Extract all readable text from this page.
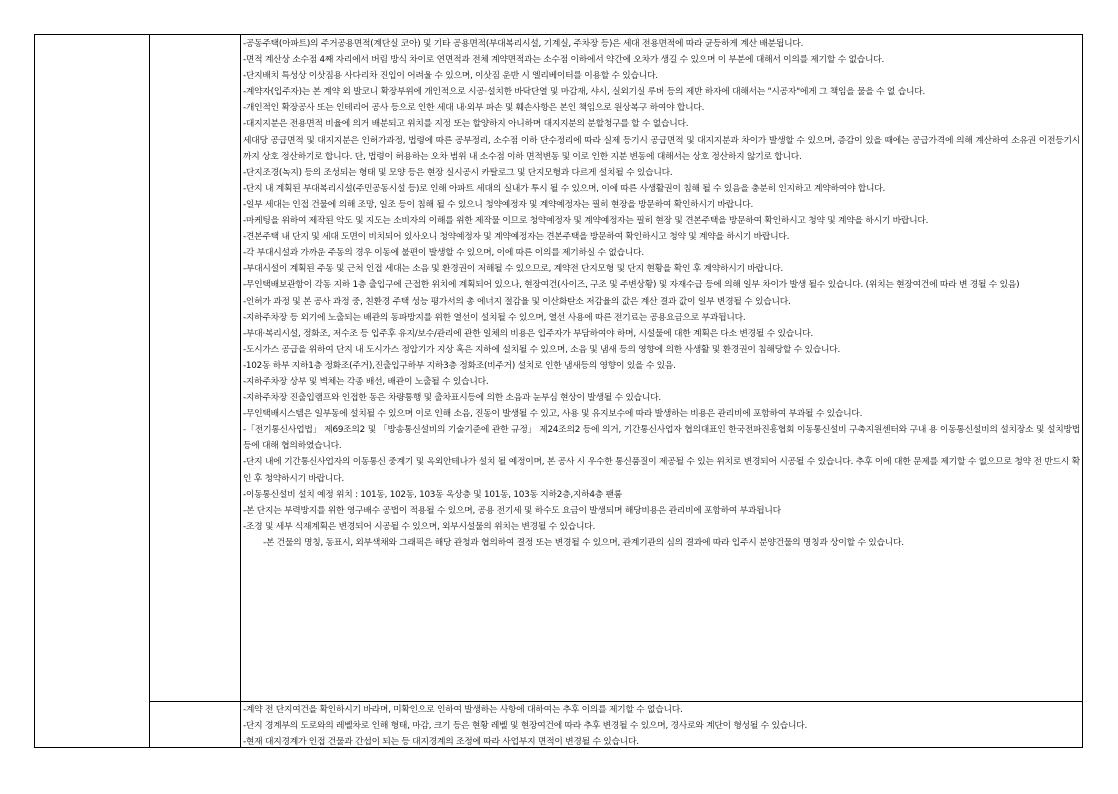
-공동주택(아파트)의 주거공용면적(계단실 코아) 및 기타 공용면적(부대복리시설, 기계실, 주차장 등)은 세대 전용면적에 따라 균등하게 계산 배분됩니다.

-면적 계산상 소수점 4째 자리에서 버림 방식 차이로 연면적과 전체 계약면적과는 소수점 이하에서 약간에 오차가 생길 수 있으며 이 부분에 대해서 이의를 제기할 수 없습니다.

-단지배치 특성상 이삿짐용 사다리차 진입이 어려울 수 있으며, 이삿짐 운반 시 엘리베이터를 이용할 수 있습니다.

-계약자(입주자)는 본 계약 외 발코니 확장부위에 개인적으로 시공·설치한 바닥단열 및 마감재, 샤시, 실외기실 루버 등의 제반 하자에 대해서는 "시공자"에게 그 책임을 물을 수 없 습니다.

-개인적인 확장공사 또는 인테리어 공사 등으로 인한 세대 내·외부 파손 및 훼손사항은 본인 책임으로 원상복구 하여야 합니다.

-대지지분은 전용면적 비율에 의거 배분되고 위치를 지정 또는 할양하지 아니하며 대지지분의 분할청구를 할 수 없습니다.

세대당 공급면적 및 대지지분은 인허가과정, 법령에 따른 공부정리, 소수점 이하 단수정리에 따라 실제 등기시 공급면적 및 대지지분과 차이가 발생할 수 있으며, 증감이 있을 때에는 공급가격에 의해 계산하여 소유권 이전등기시까지 상호 정산하기로 합니다. 단, 법령이 허용하는 오차 범위 내 소수점 이하 면적변동 및 이로 인한 지분 변동에 대해서는 상호 정산하지 않기로 합니다.

-단지조경(녹지) 등의 조성되는 형태 및 모양 등은 현장 실시공시 카탈로그 및 단지모형과 다르게 설치될 수 있습니다.

-단지 내 계획된 부대복리시설(주민공동시설 등)로 인해 아파트 세대의 실내가 투시 될 수 있으며, 이에 따른 사생활권이 침해 될 수 있음을 충분히 인지하고 계약하여야 합니다.

-일부 세대는 인접 건물에 의해 조망, 일조 등이 침해 될 수 있으니 청약예정자 및 계약예정자는 필히 현장을 방문하여 확인하시기 바랍니다.

-마케팅을 위하여 제작된 악도 및 지도는 소비자의 이해를 위한 제작물 이므로 청약예정자 및 계약예정자는 필히 현장 및 견본주택을 방문하여 확인하시고 청약 및 계약을 하시기 바랍니다.

-견본주택 내 단지 및 세대 도면이 비치되어 있사오니 청약예정자 및 계약예정자는 견본주택을 방문하여 확인하시고 청약 및 계약을 하시기 바랍니다.

-각 부대시설과 가까운 주동의 경우 이동에 불편이 발생할 수 있으며, 이에 따른 이의를 제기하실 수 없습니다.

-부대시설이 계획된 주동 및 근처 인접 세대는 소음 및 환경권이 저해될 수 있으므로, 계약전 단지모형 및 단지 현황을 확인 후 계약하시기 바랍니다.

-무인택배보관함이 각동 지하 1층 출입구에 근접한 위치에 계획되어 있으나, 현장여건(사이즈, 구조 및 주변상황) 및 자재수급 등에 의해 일부 차이가 발생 될수 있습니다. (위치는 현장여건에 따라 변 경될 수 있음)

-인허가 과정 및 본 공사 과정 중, 친환경 주택 성능 평가서의 총 에너지 절감율 및 이산화탄소 저감율의 값은 계산 결과 값이 일부 변경될 수 있습니다.

-지하주차장 등 외기에 노출되는 배관의 동파방지를 위한 열선이 설치될 수 있으며, 열선 사용에 따른 전기료는 공용요금으로 부과됩니다.

-부대·복리시설, 정화조, 저수조 등 입주후 유지/보수/관리에 관한 일체의 비용은 입주자가 부담하여야 하며, 시설물에 대한 계획은 다소 변경될 수 있습니다.

-도시가스 공급을 위하여 단지 내 도시가스 정압기가 지상 혹은 지하에 설치될 수 있으며, 소음 및 냄새 등의 영향에 의한 사생활 및 환경권이 침해당할 수 있습니다.

-102동 하부 지하1층 정화조(주거),진출입구하부 지하3층 정화조(비주거) 설치로 인한 냄새등의 영향이 있을 수 있음.

-지하주차장 상부 및 벽체는 각종 배선, 배관이 노출될 수 있습니다.

-지하주차장 진출입램프와 인접한 동은 차량통행 및 출차표시등에 의한 소음과 눈부심 현상이 발생될 수 있습니다.

-무인택배시스템은 일부동에 설치될 수 있으며 이로 인해 소음, 진동이 발생될 수 있고, 사용 및 유지보수에 따라 발생하는 비용은 관리비에 포함하여 부과될 수 있습니다.

-「전기통신사업법」 제69조의2 및 「방송통신설비의 기술기준에 관한 규정」 제24조의2 등에 의거, 기간통신사업자 협의대표인 한국전파진흥협회 이동통신설비 구축지원센터와 구내 용 이동통신설비의 설치장소 및 설치방법 등에 대해 협의하였습니다.

-단지 내에 기간통신사업자의 이동통신 중계기 및 옥외안테나가 설치 될 예정이며, 본 공사 시 우수한 통신품질이 제공될 수 있는 위치로 변경되어 시공될 수 있습니다. 추후 이에 대한 문제를 제기할 수 없으므로 청약 전 반드시 확인 후 청약하시기 바랍니다.

-이동통신설비 설치 예정 위치 : 101동, 102동, 103동 옥상층 및 101동, 103동 지하2층,지하4층 팬룸

-본 단지는 부력방지를 위한 영구배수 공법이 적용될 수 있으며, 공용 전기세 및 하수도 요금이 발생되며 해당비용은 관리비에 포함하여 부과됩니다

-조경 및 세부 식재계획은 변경되어 시공될 수 있으며, 외부시설물의 위치는 변경될 수 있습니다.

-본 건물의 명칭, 동표시, 외부색채와 그래픽은 해당 관청과 협의하여 결정 또는 변경될 수 있으며, 관계기관의 심의 결과에 따라 입주시 분양건물의 명칭과 상이할 수 있습니다.

-계약 전 단지여건을 확인하시기 바라며, 미확인으로 인하여 발생하는 사항에 대하여는 추후 이의를 제기할 수 없습니다.

-단지 경계부의 도로와의 레벨차로 인해 형태, 마감, 크기 등은 현황 레벨 및 현장여건에 따라 추후 변경될 수 있으며, 경사로와 계단이 형성될 수 있습니다.

-현재 대지경계가 인접 건물과 간섭이 되는 등 대지경계의 조정에 따라 사업부지 면적이 변경될 수 있습니다.
